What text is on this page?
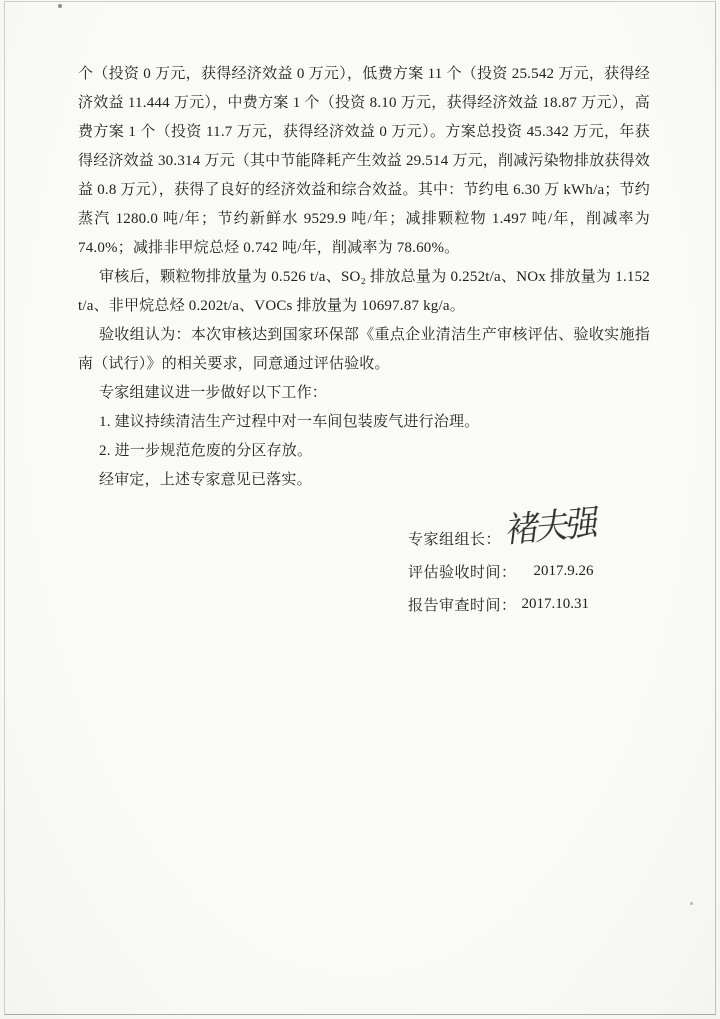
个（投资 0 万元，获得经济效益 0 万元），低费方案 11 个（投资 25.542 万元，获得经济效益 11.444 万元），中费方案 1 个（投资 8.10 万元，获得经济效益 18.87 万元），高费方案 1 个（投资 11.7 万元，获得经济效益 0 万元）。方案总投资 45.342 万元，年获得经济效益 30.314 万元（其中节能降耗产生效益 29.514 万元，削减污染物排放获得效益 0.8 万元），获得了良好的经济效益和综合效益。其中：节约电 6.30 万 kWh/a；节约蒸汽 1280.0 吨/年；节约新鲜水 9529.9 吨/年；减排颗粒物 1.497 吨/年，削减率为 74.0%；减排非甲烷总烃 0.742 吨/年，削减率为 78.60%。

审核后，颗粒物排放量为 0.526 t/a、SO₂ 排放总量为 0.252t/a、NOx 排放量为 1.152 t/a、非甲烷总烃 0.202t/a、VOCs 排放量为 10697.87 kg/a。

验收组认为：本次审核达到国家环保部《重点企业清洁生产审核评估、验收实施指南（试行）》的相关要求，同意通过评估验收。

专家组建议进一步做好以下工作：

1. 建议持续清洁生产过程中对一车间包装废气进行治理。

2. 进一步规范危废的分区存放。

经审定，上述专家意见已落实。

专家组组长： 褚夫强
评估验收时间： 2017.9.26
报告审查时间： 2017.10.31
